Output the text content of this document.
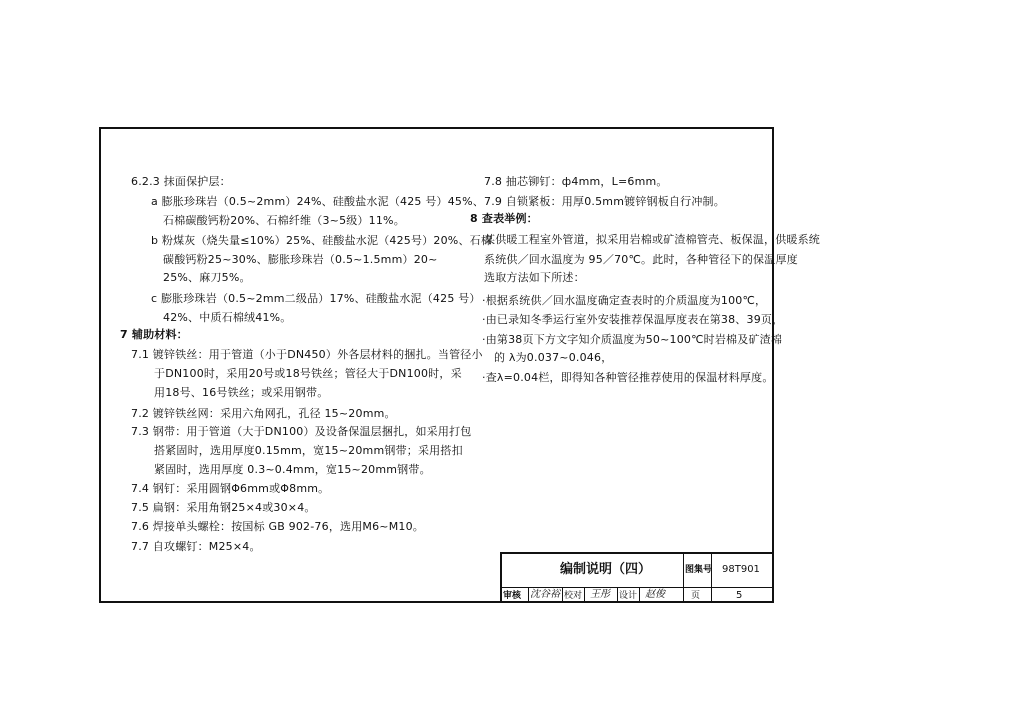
6.2.3 抹面保护层：
a 膨胀珍珠岩（0.5~2mm）24%、硅酸盐水泥（425 号）45%、
石棉碳酸钙粉20%、石棉纤维（3~5级）11%。
b 粉煤灰（烧失量≤10%）25%、硅酸盐水泥（425号）20%、石棉
碳酸钙粉25~30%、膨胀珍珠岩（0.5~1.5mm）20~
25%、麻刀5%。
c 膨胀珍珠岩（0.5~2mm二级品）17%、硅酸盐水泥（425 号）
42%、中质石棉绒41%。
7 辅助材料：
7.1 镀锌铁丝：用于管道（小于DN450）外各层材料的捆扎。当管径小
于DN100时，采用20号或18号铁丝；管径大于DN100时，采
用18号、16号铁丝；或采用钢带。
7.2 镀锌铁丝网：采用六角网孔，孔径 15~20mm。
7.3 钢带：用于管道（大于DN100）及设备保温层捆扎，如采用打包
搭紧固时，选用厚度0.15mm，宽15~20mm钢带；采用搭扣
紧固时，选用厚度 0.3~0.4mm，宽15~20mm钢带。
7.4 钢钉：采用圆钢Φ6mm或Φ8mm。
7.5 扁钢：采用角钢25×4或30×4。
7.6 焊接单头螺栓：按国标 GB 902-76，选用M6~M10。
7.7 自攻螺钉：M25×4。
7.8 抽芯铆钉：ф4mm，L=6mm。
7.9 自锁紧板：用厚0.5mm镀锌钢板自行冲制。
8 查表举例：
某供暖工程室外管道，拟采用岩棉或矿渣棉管壳、板保温，供暖系统
系统供／回水温度为 95／70℃。此时，各种管径下的保温厚度
选取方法如下所述：
·根据系统供／回水温度确定查表时的介质温度为100℃，
·由已录知冬季运行室外安装推荐保温厚度表在第38、39页，
·由第38页下方文字知介质温度为50~100℃时岩棉及矿渣棉
的 λ为0.037~0.046，
·查λ=0.04栏，即得知各种管径推荐使用的保温材料厚度。
编制说明（四）	图集号 98T901
审核 沈谷裕 校对 王彤 设计 赵俊	页	5
